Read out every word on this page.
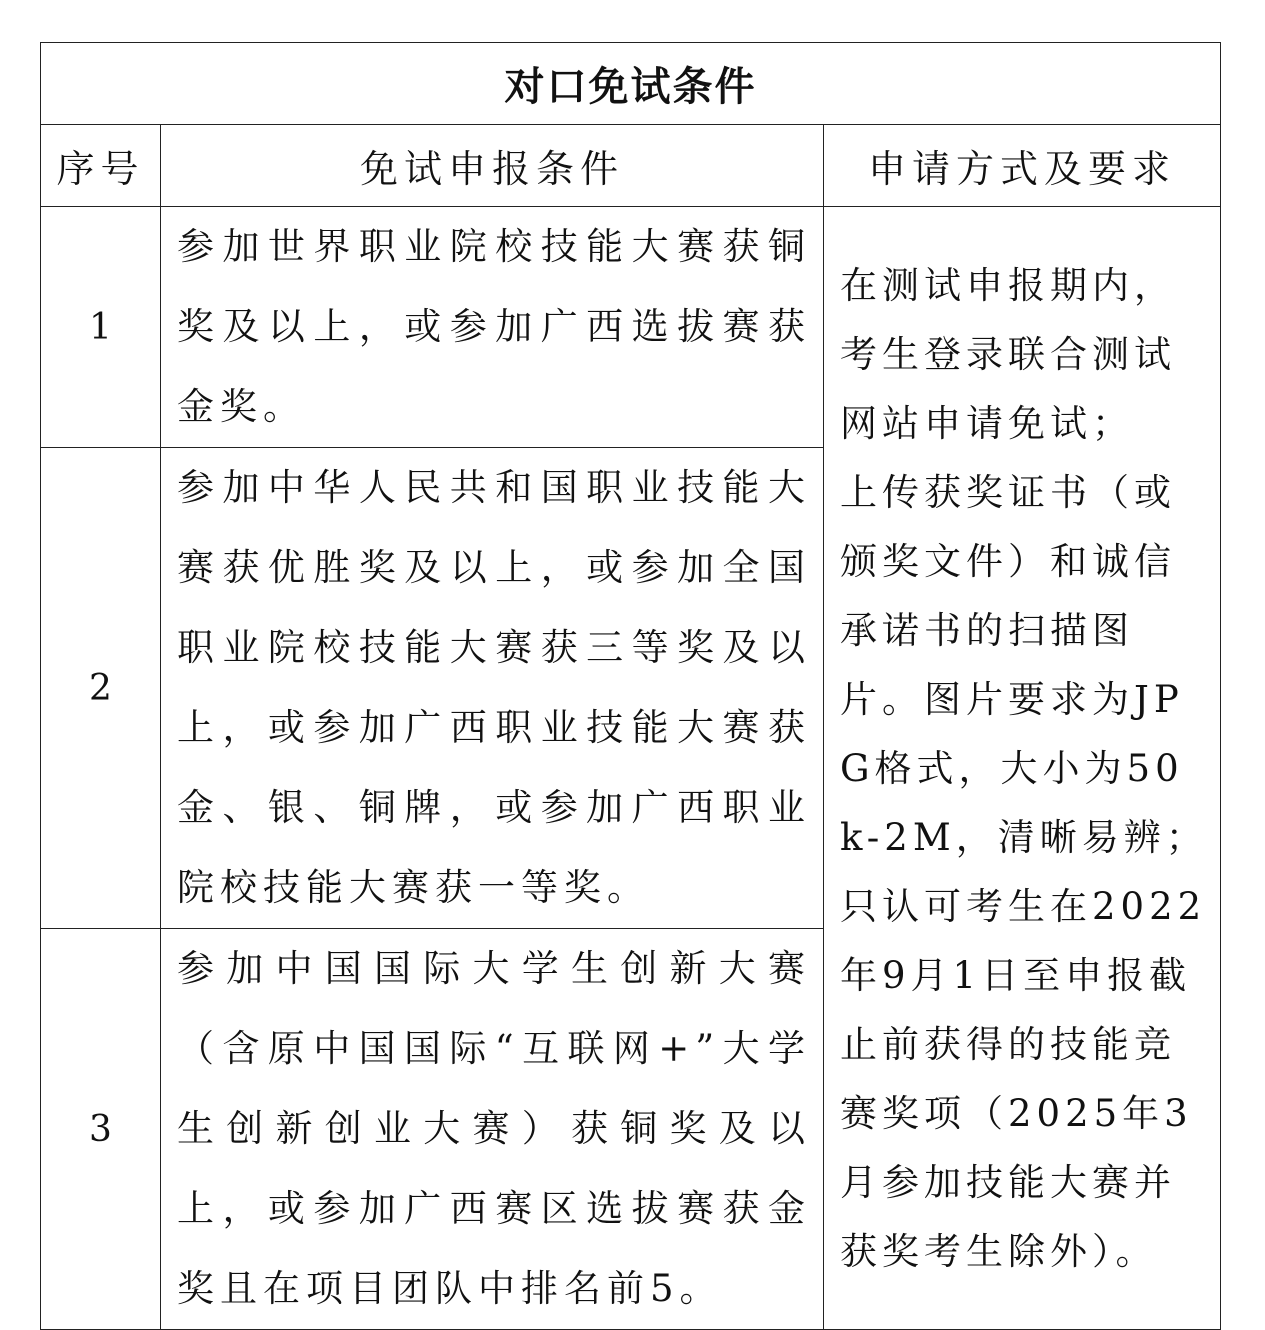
对口免试条件		
序号	免试申报条件	申请方式及要求
1	参加世界职业院校技能大赛获铜奖及以上，或参加广西选拔赛获金奖。	在测试申报期内，考生登录联合测试网站申请免试；
上传获奖证书（或颁奖文件）和诚信承诺书的扫描图片。图片要求为JPG格式，大小为50k-2M，清晰易辨；
只认可考生在2022年9月1日至申报截止前获得的技能竞赛奖项（2025年3月参加技能大赛并获奖考生除外）。

2	参加中华人民共和国职业技能大赛获优胜奖及以上，或参加全国职业院校技能大赛获三等奖及以上，或参加广西职业技能大赛获金、银、铜牌，或参加广西职业院校技能大赛获一等奖。	
3	参加中国国际大学生创新大赛（含原中国国际“互联网+”大学生创新创业大赛）获铜奖及以上，或参加广西赛区选拔赛获金奖且在项目团队中排名前5。	
